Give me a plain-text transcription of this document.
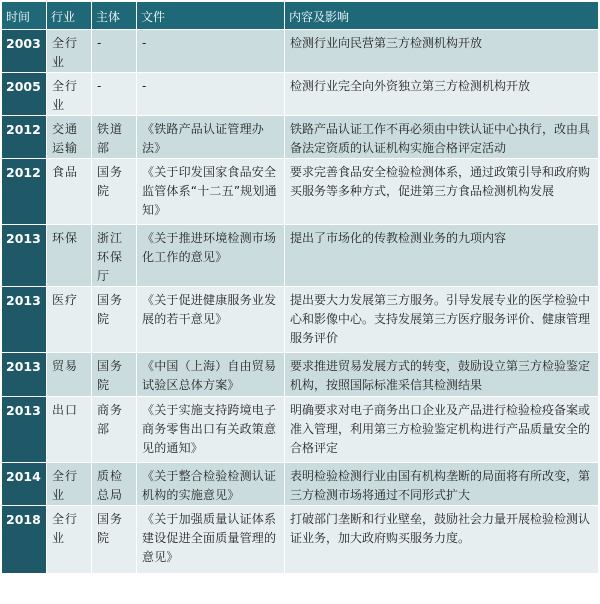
时间	行业	主体	文件	内容及影响
2003	全行业	-	-	检测行业向民营第三方检测机构开放
2005	全行业	-	-	检测行业完全向外资独立第三方检测机构开放
2012	交通运输	铁道部	《铁路产品认证管理办法》	铁路产品认证工作不再必须由中铁认证中心执行，改由具备法定资质的认证机构实施合格评定活动
2012	食品	国务院	《关于印发国家食品安全监管体系“十二五”规划通知》	要求完善食品安全检验检测体系，通过政策引导和政府购买服务等多种方式，促进第三方食品检测机构发展
2013	环保	浙江环保厅	《关于推进环境检测市场化工作的意见》	提出了市场化的传教检测业务的九项内容
2013	医疗	国务院	《关于促进健康服务业发展的若干意见》	提出要大力发展第三方服务。引导发展专业的医学检验中心和影像中心。支持发展第三方医疗服务评价、健康管理服务评价
2013	贸易	国务院	《中国（上海）自由贸易试验区总体方案》	要求推进贸易发展方式的转变，鼓励设立第三方检验鉴定机构，按照国际标准采信其检测结果
2013	出口	商务部	《关于实施支持跨境电子商务零售出口有关政策意见的通知》	明确要求对电子商务出口企业及产品进行检验检疫备案或准入管理，利用第三方检验鉴定机构进行产品质量安全的合格评定
2014	全行业	质检总局	《关于整合检验检测认证机构的实施意见》	表明检验检测行业由国有机构垄断的局面将有所改变，第三方检测市场将通过不同形式扩大
2018	全行业	国务院	《关于加强质量认证体系建设促进全面质量管理的意见》	打破部门垄断和行业壁垒，鼓励社会力量开展检验检测认证业务，加大政府购买服务力度。
